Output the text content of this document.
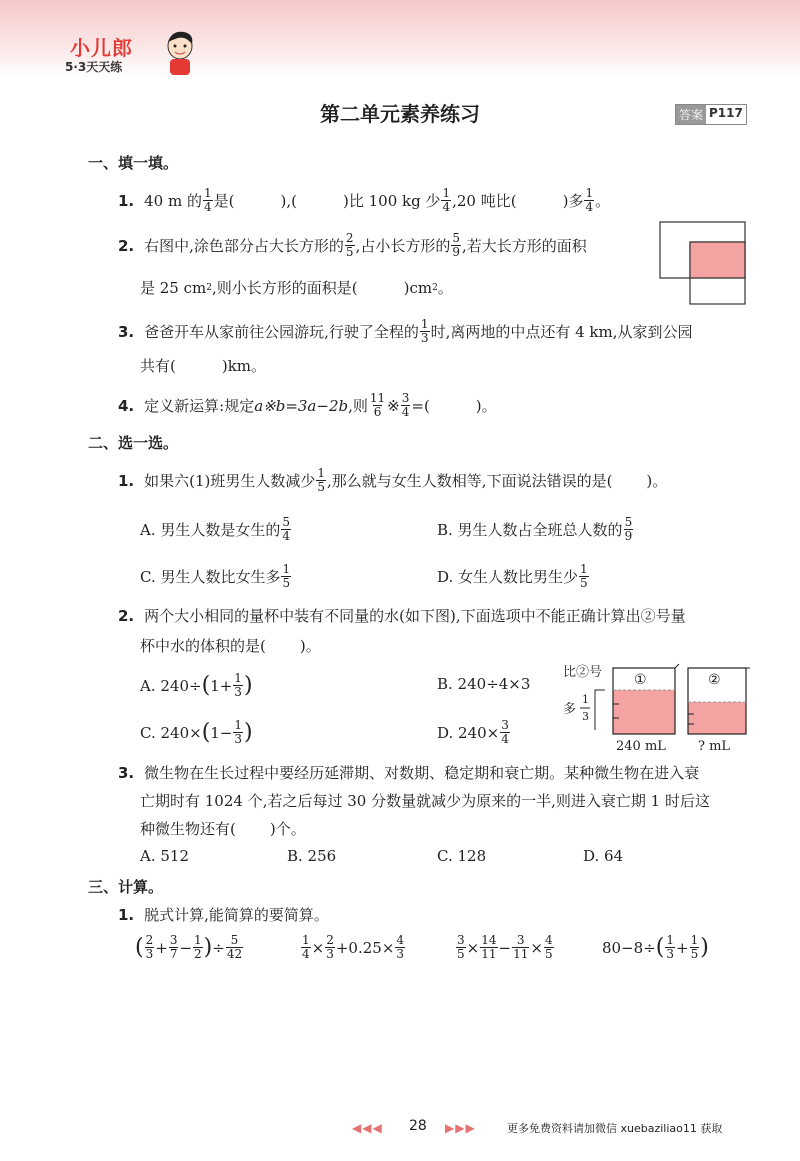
小儿郎
5·3天天练
第二单元素养练习	答案 P117
一、填一填。
1. 40 m 的 1
4 是(	),(	)比 100 kg 少 1
4 ,20 吨比(	)多 1
4 。
2. 右图中,涂色部分占大长方形的 2
5 ,占小长方形的 5
9 ,若大长方形的面积
是 25 cm 2 ,则小长方形的面积是(	)cm 2 。
3. 爸爸开车从家前往公园游玩,行驶了全程的 1
3 时,离两地的中点还有 4 km,从家到公园
共有(	)km。
4. 定义新运算:规定 a※b=3a−2b ,则 11
6 ※ $\frac{3}{4}$ =(	)。
二、选一选。
1. 如果六(1)班男生人数减少 1
5 ,那么就与女生人数相等,下面说法错误的是( )。
A. 男生人数是女生的 5
4	B. 男生人数占全班总人数的 5
9
C. 男生人数比女生多 1
5	D. 女生人数比男生少 1
5
2. 两个大小相同的量杯中装有不同量的水(如下图),下面选项中不能正确计算出②号量
杯中水的体积的是( )。
A. 240÷ ( $1+ \frac{1}{3}$ )	B. 240÷4×3
C. 240× ( $1- \frac{1}{3}$ )	D. $240\times \frac{3}{4}$
比②号
多
1
3
①	②
240 mL ? mL
3. 微生物在生长过程中要经历延滞期、对数期、稳定期和衰亡期。某种微生物在进入衰
亡期时有 1024 个,若之后每过 30 分数量就减少为原来的一半,则进入衰亡期 1 时后这
种微生物还有( )个。
A. 512	B. 256	C. 128	D. 64
三、计算。
1. 脱式计算,能简算的要简算。
( 2
$3 + \frac{3}{7} - \frac{1}{2}$ ) ÷ $\frac{5}{42}$	$\frac{1}{4} \times \frac{2}{3} +0.25\times \frac{4}{3}$	$\frac{3}{5} \times \frac{14}{11} - \frac{3}{11} \times \frac{4}{5}$	80−8÷ ( 1
$3 + \frac{1}{5}$ )
◀◀◀ 28 ▶▶▶	更多免费资料请加微信 xuebaziliao11 获取
